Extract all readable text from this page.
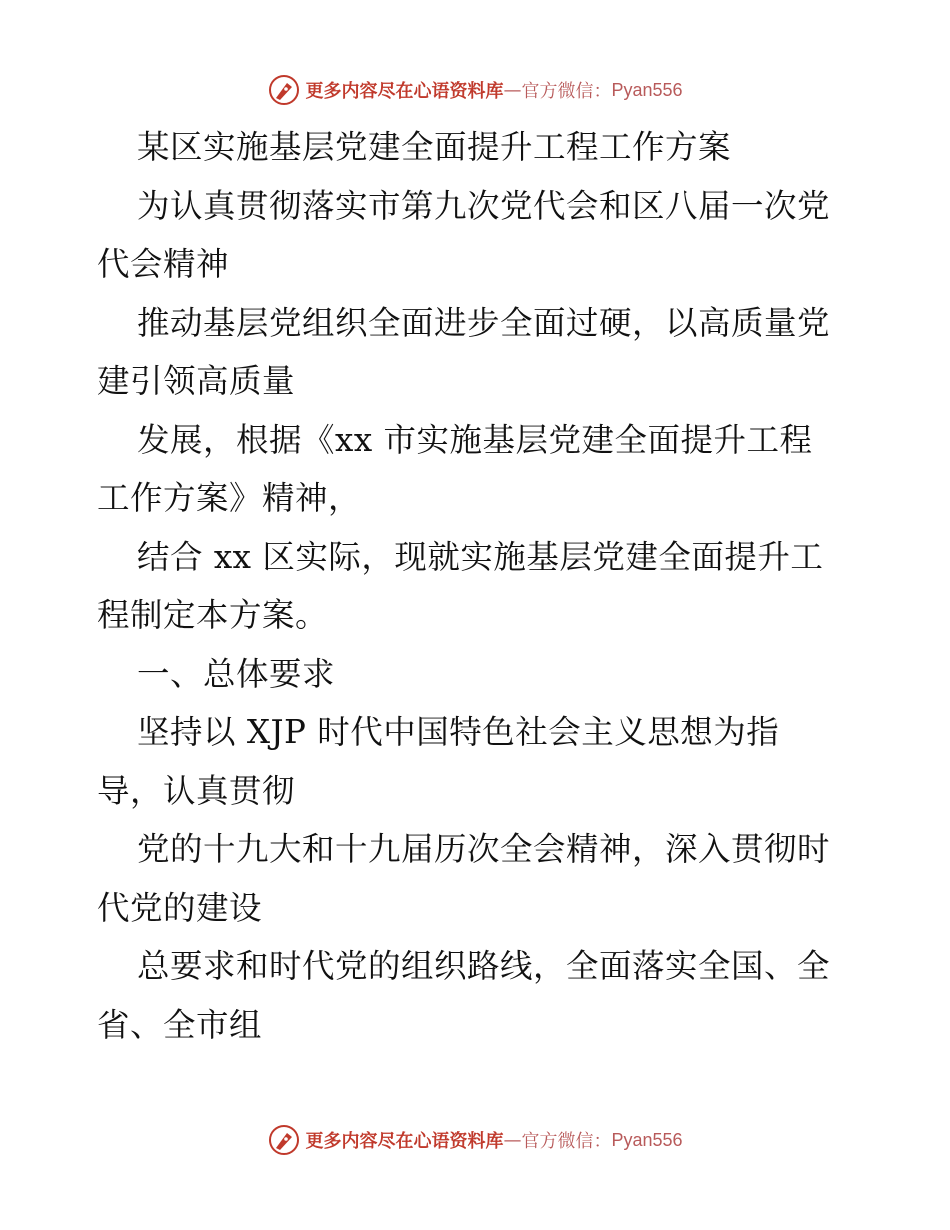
更多内容尽在心语资料库 — 官方微信： Pyan556

某区实施基层党建全面提升工程工作方案

为认真贯彻落实市第九次党代会和区八届一次党

代会精神

推动基层党组织全面进步全面过硬，以高质量党

建引领高质量

发展，根据《xx 市实施基层党建全面提升工程

工作方案》精神，

结合 xx 区实际，现就实施基层党建全面提升工

程制定本方案。

一、总体要求

坚持以 XJP 时代中国特色社会主义思想为指

导，认真贯彻

党的十九大和十九届历次全会精神，深入贯彻时

代党的建设

总要求和时代党的组织路线，全面落实全国、全

省、全市组

更多内容尽在心语资料库 — 官方微信： Pyan556
